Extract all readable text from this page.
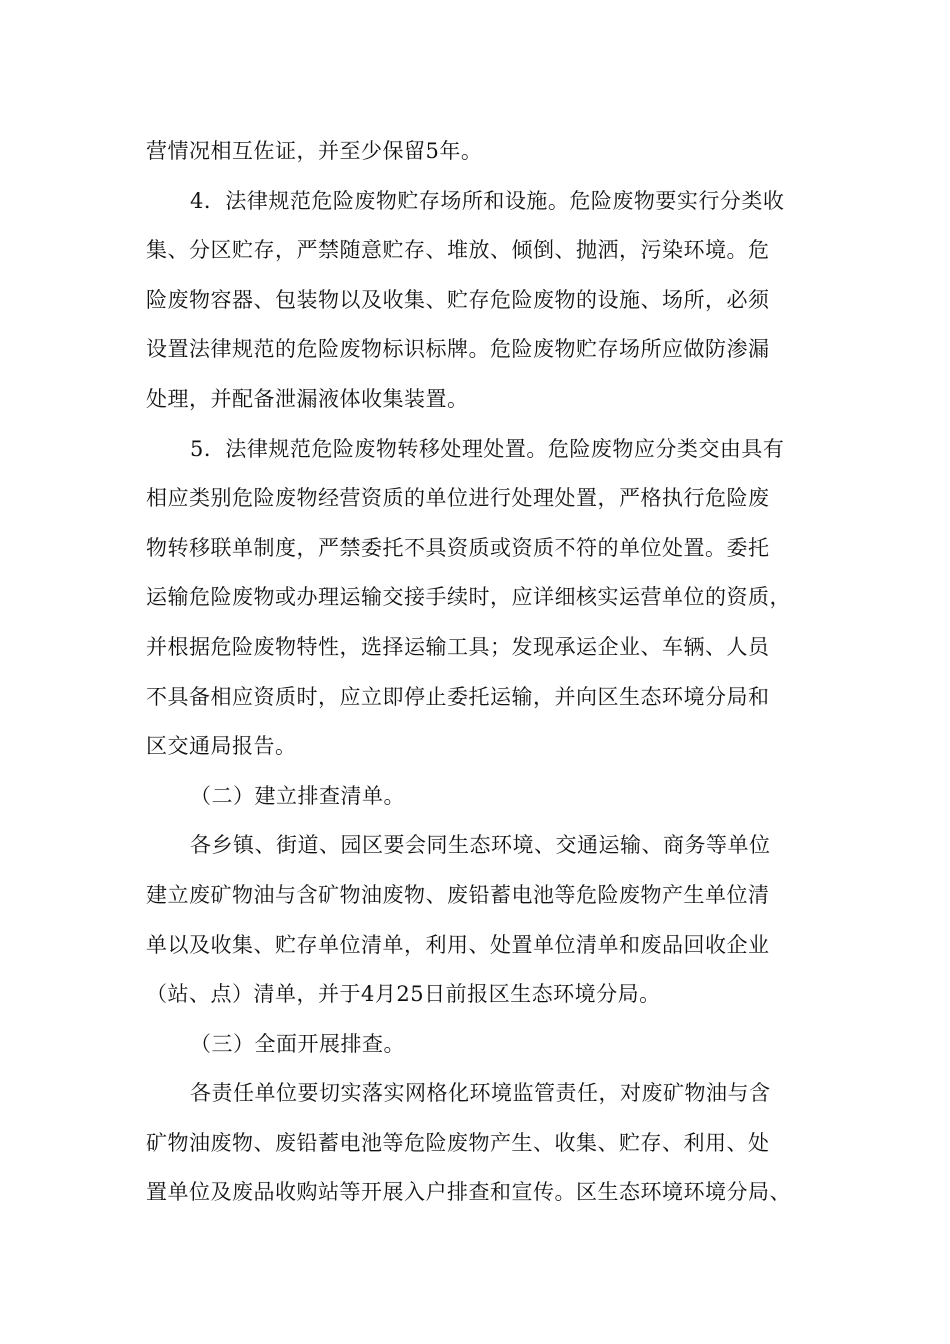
营情况相互佐证，并至少保留5年。
4．法律规范危险废物贮存场所和设施。危险废物要实行分类收
集、分区贮存，严禁随意贮存、堆放、倾倒、抛洒，污染环境。危
险废物容器、包装物以及收集、贮存危险废物的设施、场所，必须
设置法律规范的危险废物标识标牌。危险废物贮存场所应做防渗漏
处理，并配备泄漏液体收集装置。
5．法律规范危险废物转移处理处置。危险废物应分类交由具有
相应类别危险废物经营资质的单位进行处理处置，严格执行危险废
物转移联单制度，严禁委托不具资质或资质不符的单位处置。委托
运输危险废物或办理运输交接手续时，应详细核实运营单位的资质，
并根据危险废物特性，选择运输工具；发现承运企业、车辆、人员
不具备相应资质时，应立即停止委托运输，并向区生态环境分局和
区交通局报告。
（二）建立排查清单。
各乡镇、街道、园区要会同生态环境、交通运输、商务等单位
建立废矿物油与含矿物油废物、废铅蓄电池等危险废物产生单位清
单以及收集、贮存单位清单，利用、处置单位清单和废品回收企业
（站、点）清单，并于4月25日前报区生态环境分局。
（三）全面开展排查。
各责任单位要切实落实网格化环境监管责任，对废矿物油与含
矿物油废物、废铅蓄电池等危险废物产生、收集、贮存、利用、处
置单位及废品收购站等开展入户排查和宣传。区生态环境环境分局、
